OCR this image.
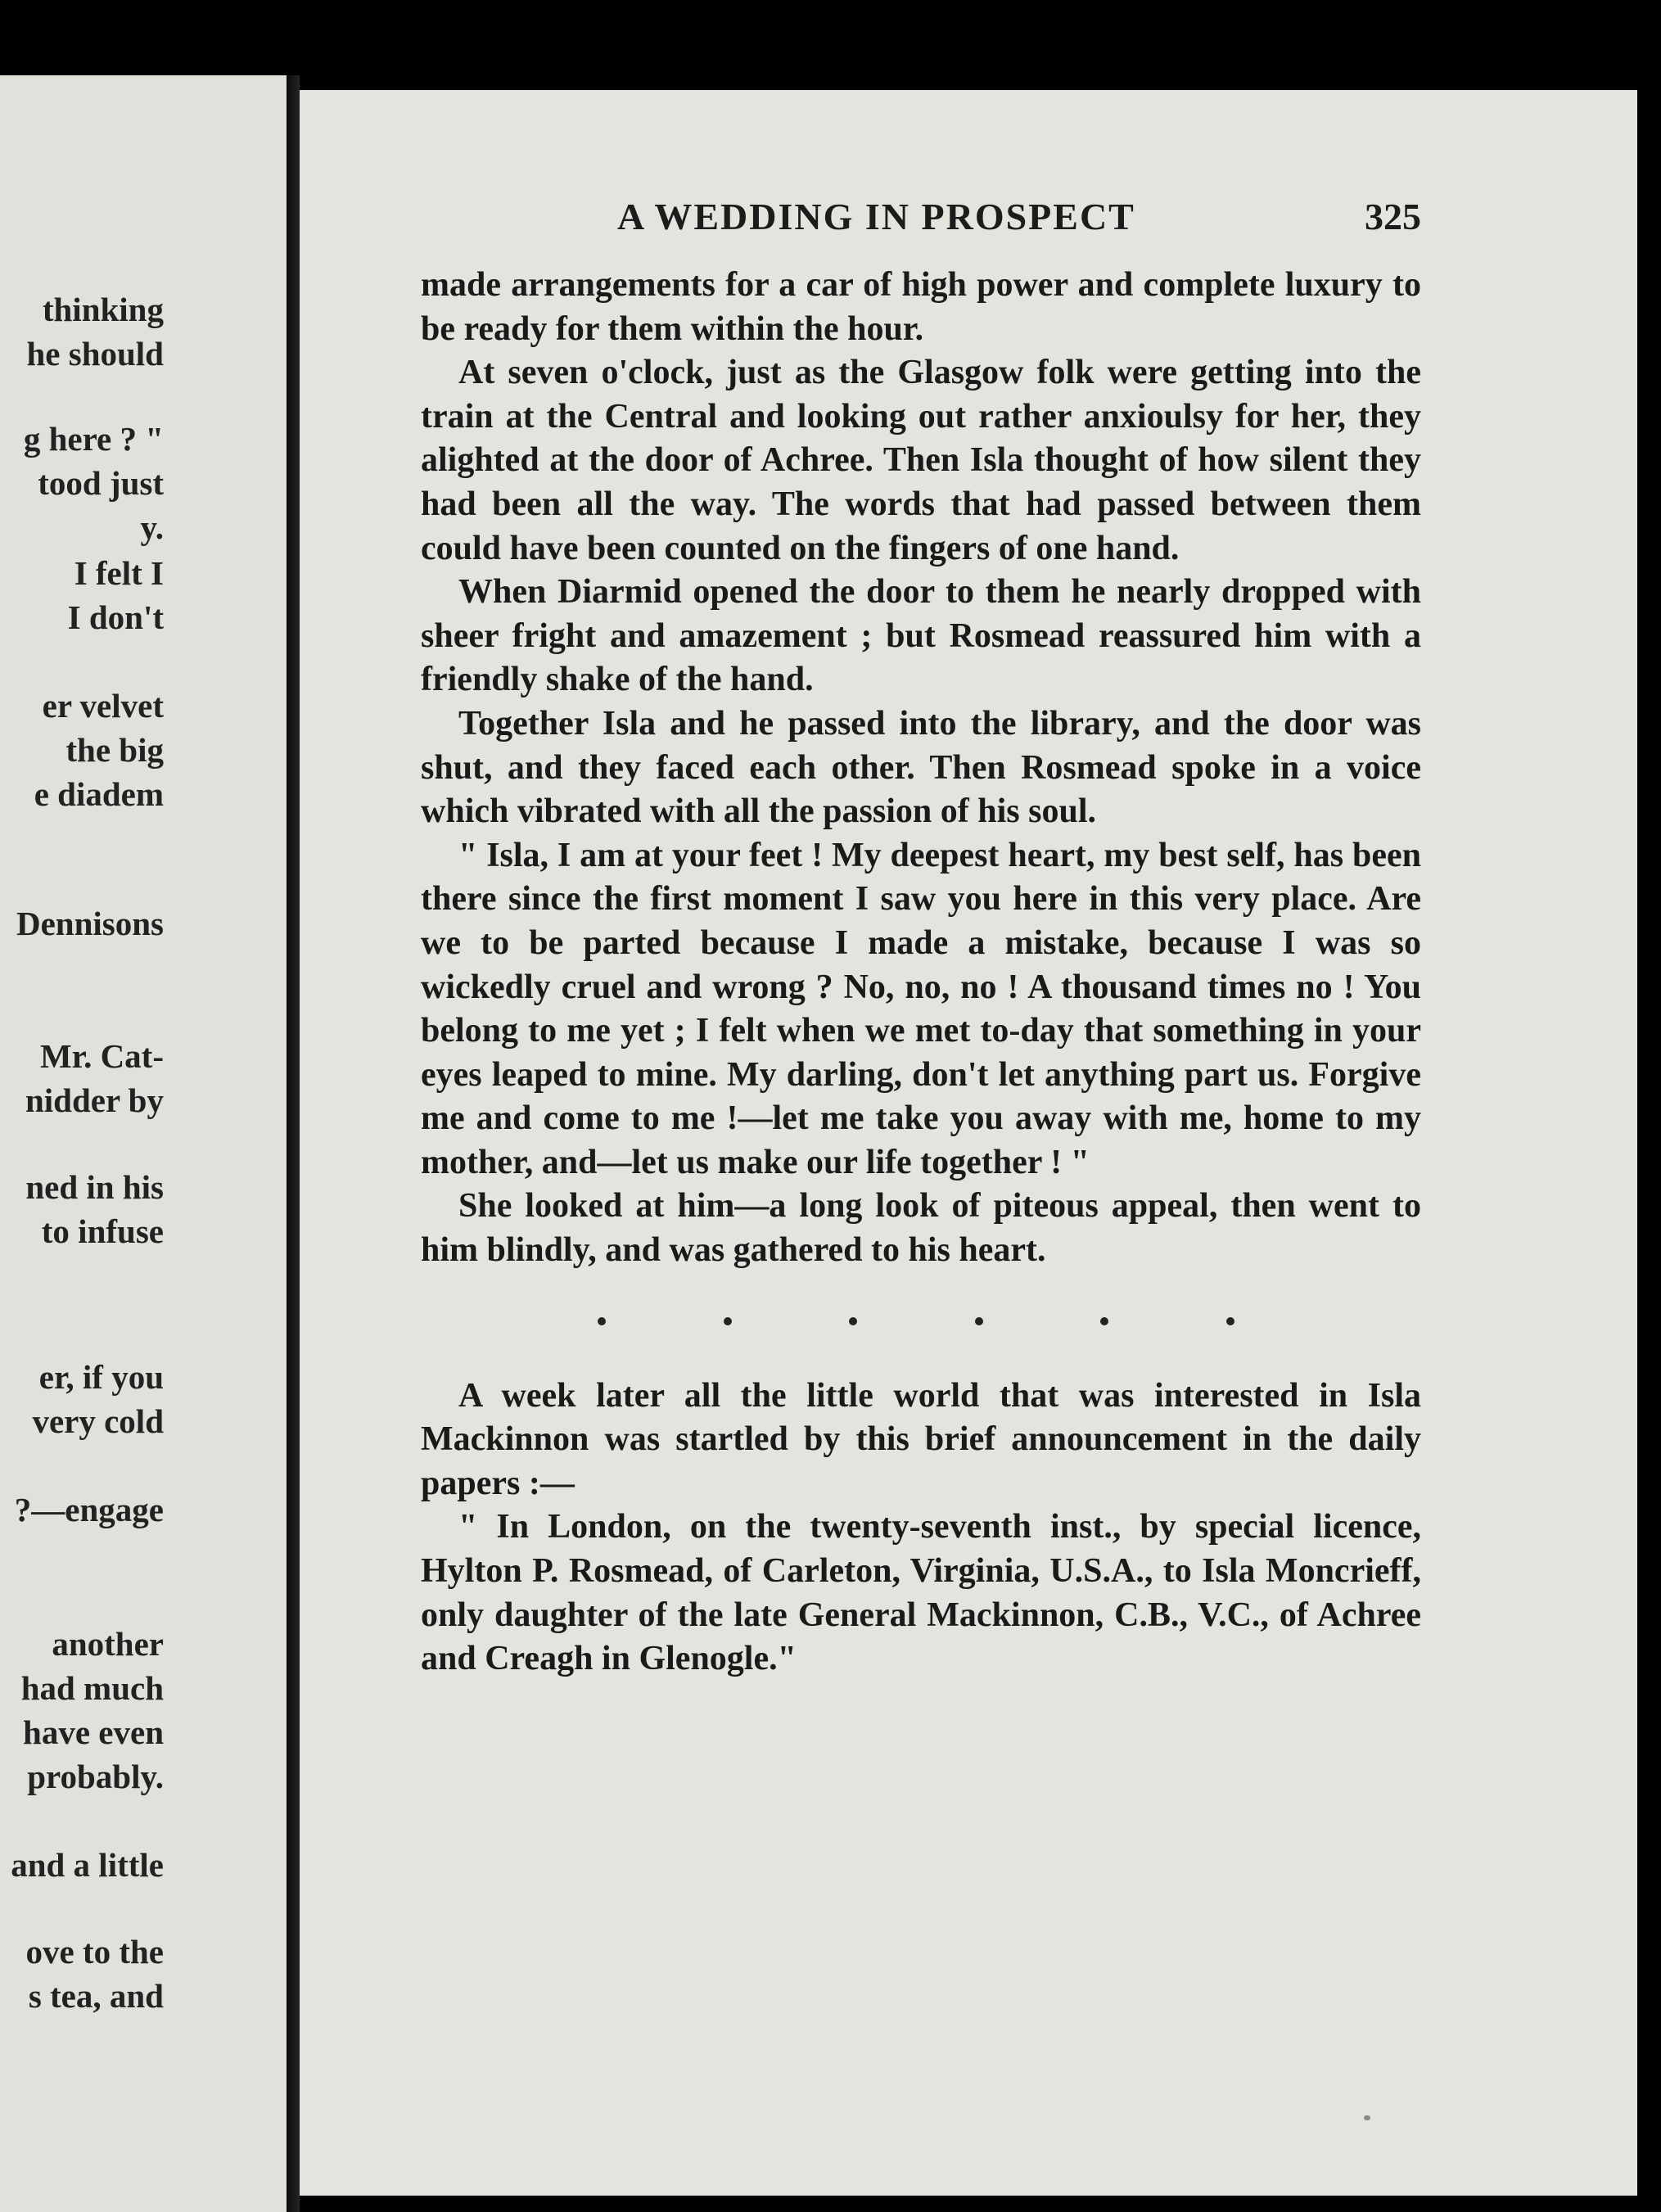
thinking
he should
g here ? "
tood just
y.
I felt I
I don't
er velvet
the big
e diadem
Dennisons
Mr. Cat-
nidder by
ned in his
to infuse
er, if you
very cold
?—engage
another
had much
have even
probably.
and a little
ove to the
s tea, and
A WEDDING IN PROSPECT	325

made arrangements for a car of high power and complete luxury to be ready for them within the hour.

At seven o'clock, just as the Glasgow folk were getting into the train at the Central and looking out rather anxioulsy for her, they alighted at the door of Achree. Then Isla thought of how silent they had been all the way. The words that had passed between them could have been counted on the fingers of one hand.

When Diarmid opened the door to them he nearly dropped with sheer fright and amazement ; but Rosmead reassured him with a friendly shake of the hand.

Together Isla and he passed into the library, and the door was shut, and they faced each other. Then Rosmead spoke in a voice which vibrated with all the passion of his soul.

" Isla, I am at your feet ! My deepest heart, my best self, has been there since the first moment I saw you here in this very place. Are we to be parted because I made a mistake, because I was so wickedly cruel and wrong ? No, no, no ! A thousand times no ! You belong to me yet ; I felt when we met to-day that something in your eyes leaped to mine. My darling, don't let anything part us. Forgive me and come to me !—let me take you away with me, home to my mother, and—let us make our life together ! "

She looked at him—a long look of piteous appeal, then went to him blindly, and was gathered to his heart.

A week later all the little world that was interested in Isla Mackinnon was startled by this brief announcement in the daily papers :—

" In London, on the twenty-seventh inst., by special licence, Hylton P. Rosmead, of Carleton, Virginia, U.S.A., to Isla Moncrieff, only daughter of the late General Mackinnon, C.B., V.C., of Achree and Creagh in Glenogle."
